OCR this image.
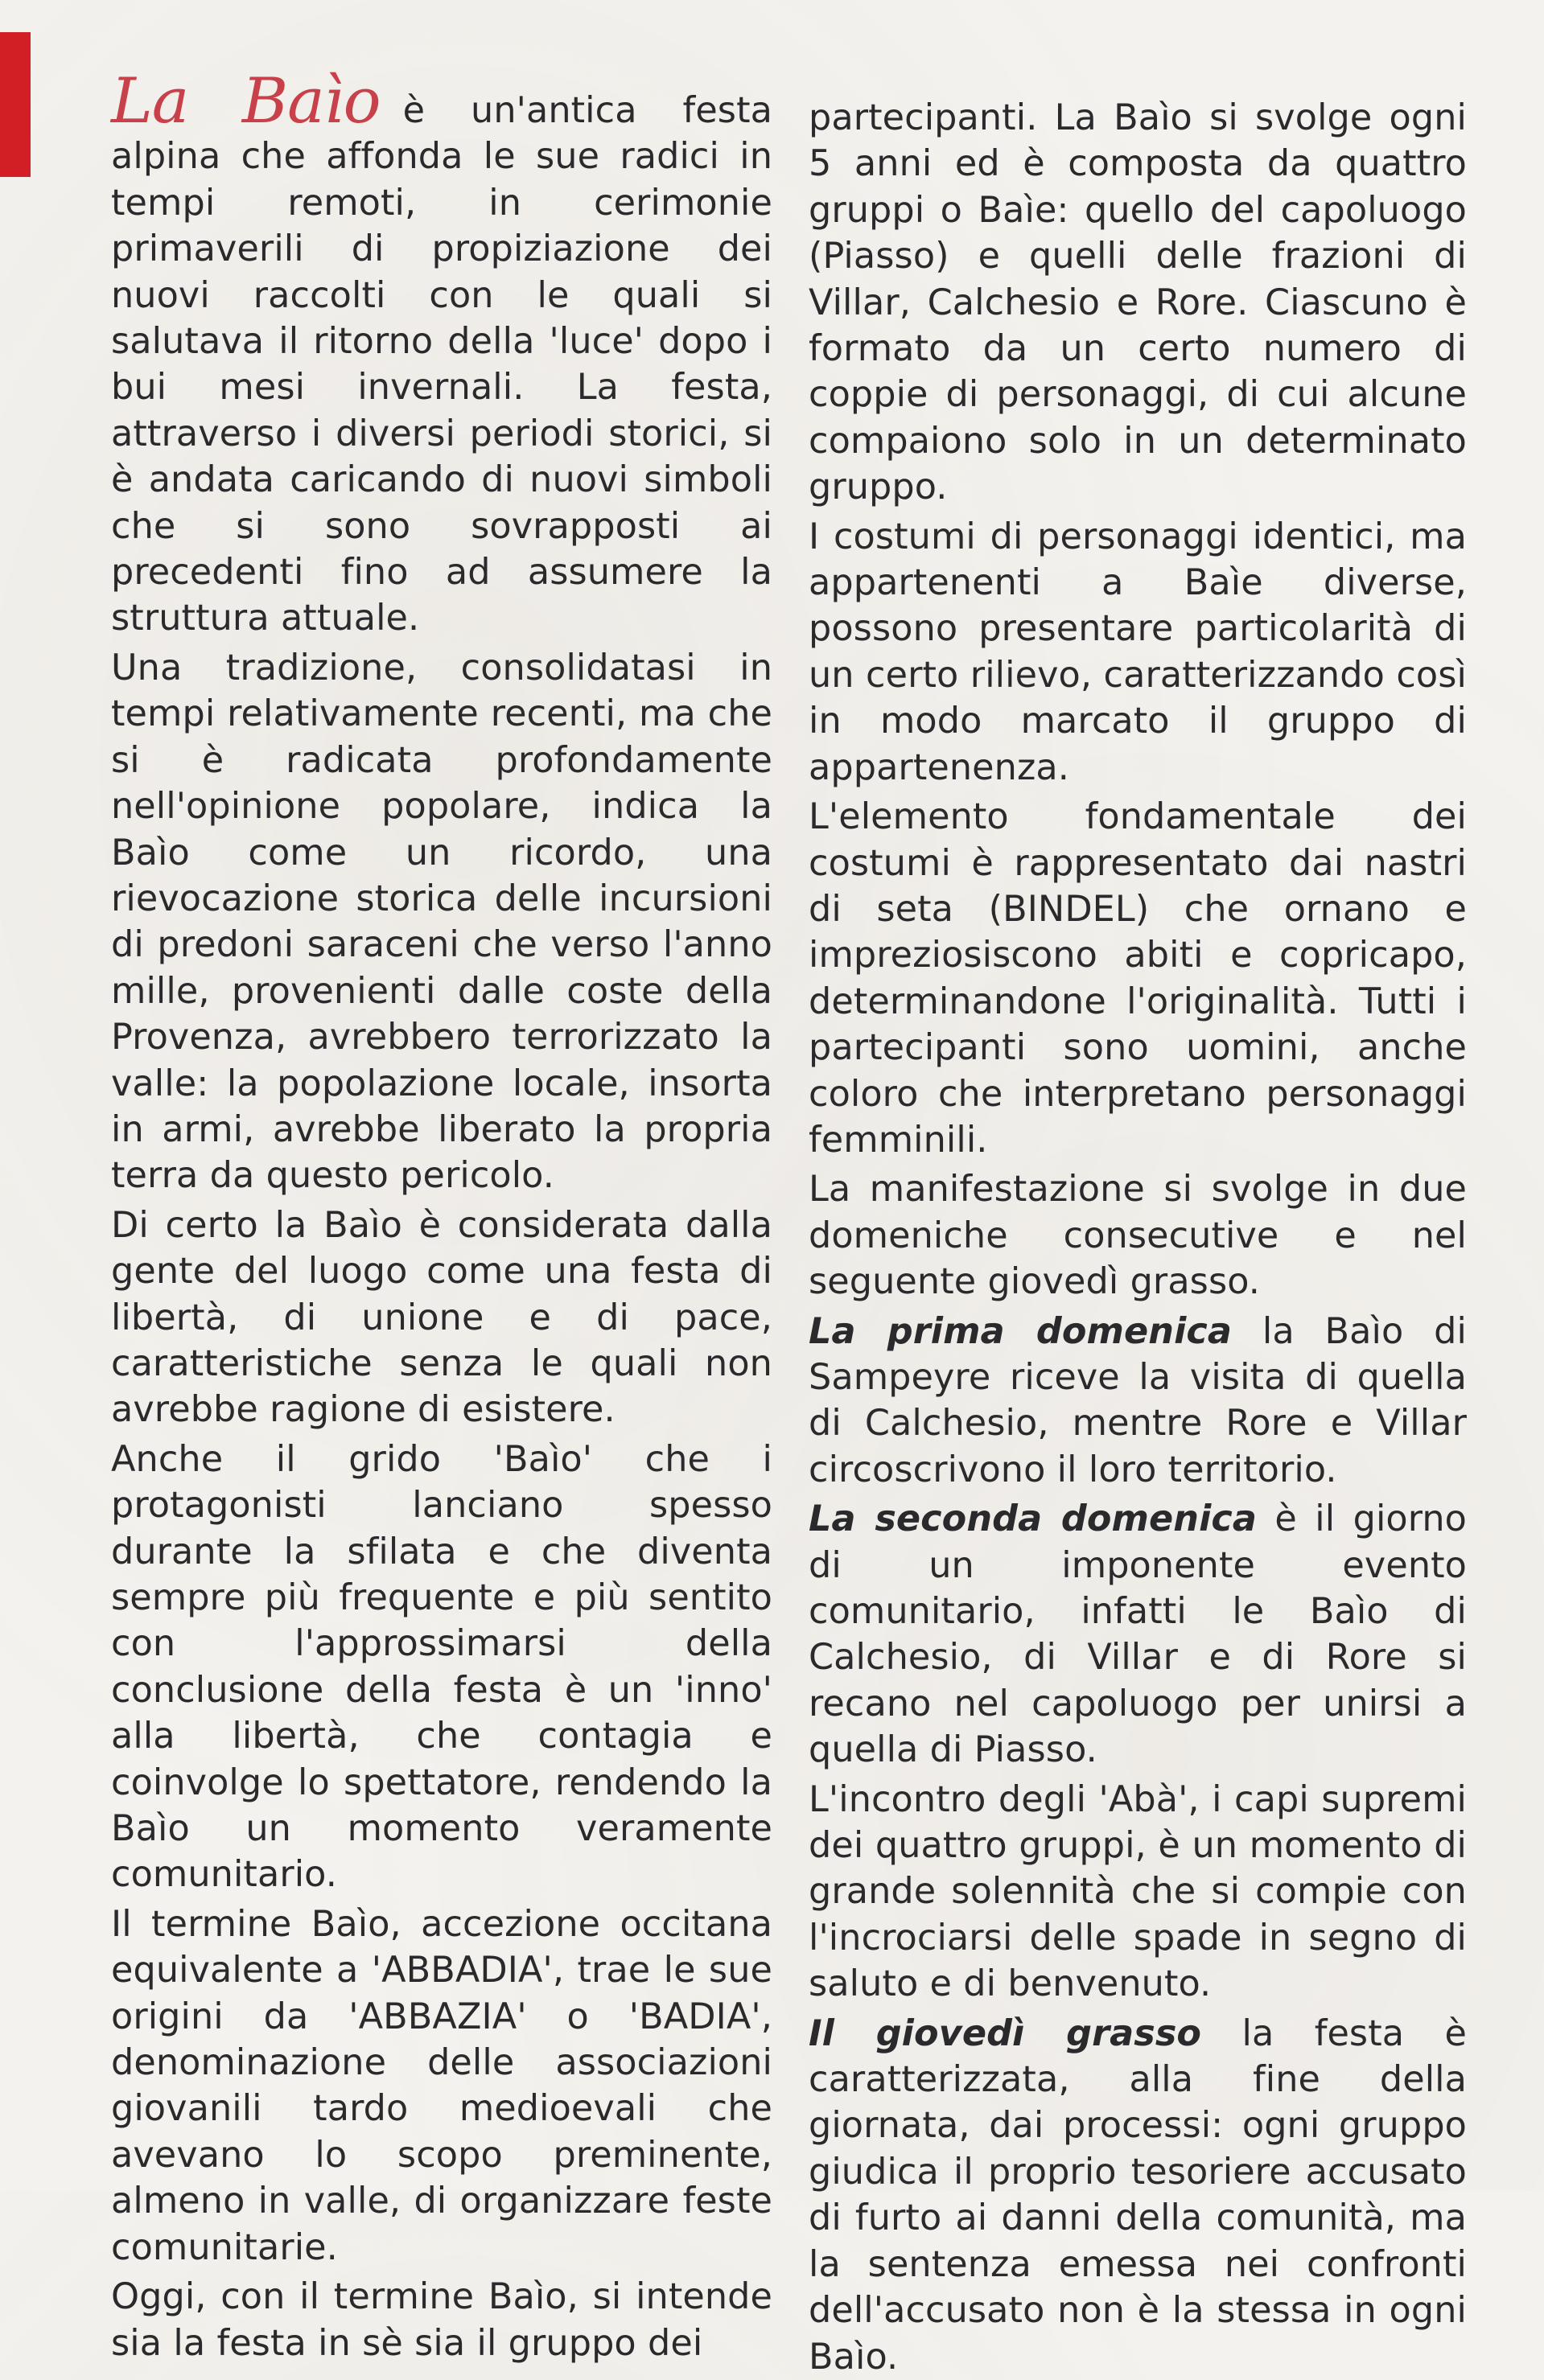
La Baìo è un'antica festa alpina che affonda le sue radici in tempi remoti, in cerimonie primaverili di propiziazione dei nuovi raccolti con le quali si salutava il ritorno della 'luce' dopo i bui mesi invernali. La festa, attraverso i diversi periodi storici, si è andata caricando di nuovi simboli che si sono sovrapposti ai precedenti fino ad assumere la struttura attuale.

Una tradizione, consolidatasi in tempi relativamente recenti, ma che si è radicata profondamente nell'opinione popolare, indica la Baìo come un ricordo, una rievocazione storica delle incursioni di predoni saraceni che verso l'anno mille, provenienti dalle coste della Provenza, avrebbero terrorizzato la valle: la popolazione locale, insorta in armi, avrebbe liberato la propria terra da questo pericolo.

Di certo la Baìo è considerata dalla gente del luogo come una festa di libertà, di unione e di pace, caratteristiche senza le quali non avrebbe ragione di esistere.

Anche il grido 'Baìo' che i protagonisti lanciano spesso durante la sfilata e che diventa sempre più frequente e più sentito con l'approssimarsi della conclusione della festa è un 'inno' alla libertà, che contagia e coinvolge lo spettatore, rendendo la Baìo un momento veramente comunitario.

Il termine Baìo, accezione occitana equivalente a 'ABBADIA', trae le sue origini da 'ABBAZIA' o 'BADIA', denominazione delle associazioni giovanili tardo medioevali che avevano lo scopo preminente, almeno in valle, di organizzare feste comunitarie.

Oggi, con il termine Baìo, si intende sia la festa in sè sia il gruppo dei

partecipanti. La Baìo si svolge ogni 5 anni ed è composta da quattro gruppi o Baìe: quello del capoluogo (Piasso) e quelli delle frazioni di Villar, Calchesio e Rore. Ciascuno è formato da un certo numero di coppie di personaggi, di cui alcune compaiono solo in un determinato gruppo.

I costumi di personaggi identici, ma appartenenti a Baìe diverse, possono presentare particolarità di un certo rilievo, caratterizzando così in modo marcato il gruppo di appartenenza.

L'elemento fondamentale dei costumi è rappresentato dai nastri di seta (BINDEL) che ornano e impreziosiscono abiti e copricapo, determinandone l'originalità. Tutti i partecipanti sono uomini, anche coloro che interpretano personaggi femminili.

La manifestazione si svolge in due domeniche consecutive e nel seguente giovedì grasso.

La prima domenica la Baìo di Sampeyre riceve la visita di quella di Calchesio, mentre Rore e Villar circoscrivono il loro territorio.

La seconda domenica è il giorno di un imponente evento comunitario, infatti le Baìo di Calchesio, di Villar e di Rore si recano nel capoluogo per unirsi a quella di Piasso.

L'incontro degli 'Abà', i capi supremi dei quattro gruppi, è un momento di grande solennità che si compie con l'incrociarsi delle spade in segno di saluto e di benvenuto.

Il giovedì grasso la festa è caratterizzata, alla fine della giornata, dai processi: ogni gruppo giudica il proprio tesoriere accusato di furto ai danni della comunità, ma la sentenza emessa nei confronti dell'accusato non è la stessa in ogni Baìo.
